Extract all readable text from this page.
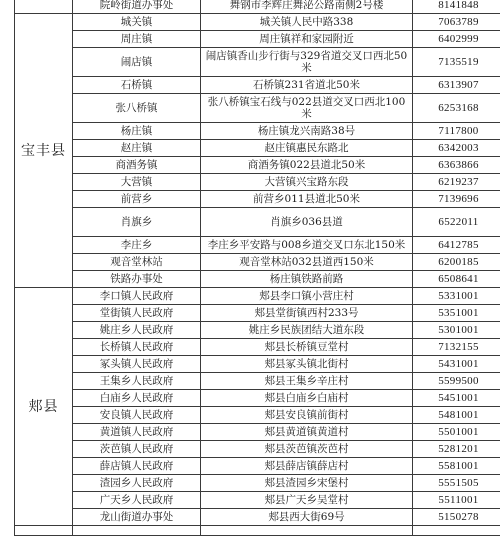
	院岭街道办事处	舞钢市李辉庄舞泌公路南侧2号楼	8141848
宝丰县	城关镇	城关镇人民中路338	7063789
	周庄镇	周庄镇祥和家园附近	6402999
	闹店镇	闹店镇香山步行街与329省道交叉口西北50米	7135519
	石桥镇	石桥镇231省道北50米	6313907
	张八桥镇	张八桥镇宝石线与022县道交叉口西北100米	6253168
	杨庄镇	杨庄镇龙兴南路38号	7117800
	赵庄镇	赵庄镇惠民东路北	6342003
	商酒务镇	商酒务镇022县道北50米	6363866
	大营镇	大营镇兴宝路东段	6219237
	前营乡	前营乡011县道北50米	7139696
	肖旗乡	肖旗乡036县道	6522011
	李庄乡	李庄乡平安路与008乡道交叉口东北150米	6412785
	观音堂林站	观音堂林站032县道西150米	6200185
	铁路办事处	杨庄镇铁路前路	6508641
郏县	李口镇人民政府	郏县李口镇小营庄村	5331001
	堂街镇人民政府	郏县堂街镇西村233号	5351001
	姚庄乡人民政府	姚庄乡民族团结大道东段	5301001
	长桥镇人民政府	郏县长桥镇豆堂村	7132155
	冢头镇人民政府	郏县冢头镇北街村	5431001
	王集乡人民政府	郏县王集乡辛庄村	5599500
	白庙乡人民政府	郏县白庙乡白庙村	5451001
	安良镇人民政府	郏县安良镇前街村	5481001
	黄道镇人民政府	郏县黄道镇黄道村	5501001
	茨芭镇人民政府	郏县茨芭镇茨芭村	5281201
	薛店镇人民政府	郏县薛店镇薛店村	5581001
	渣园乡人民政府	郏县渣园乡宋堡村	5551505
	广天乡人民政府	郏县广天乡吴堂村	5511001
	龙山街道办事处	郏县西大街69号	5150278
